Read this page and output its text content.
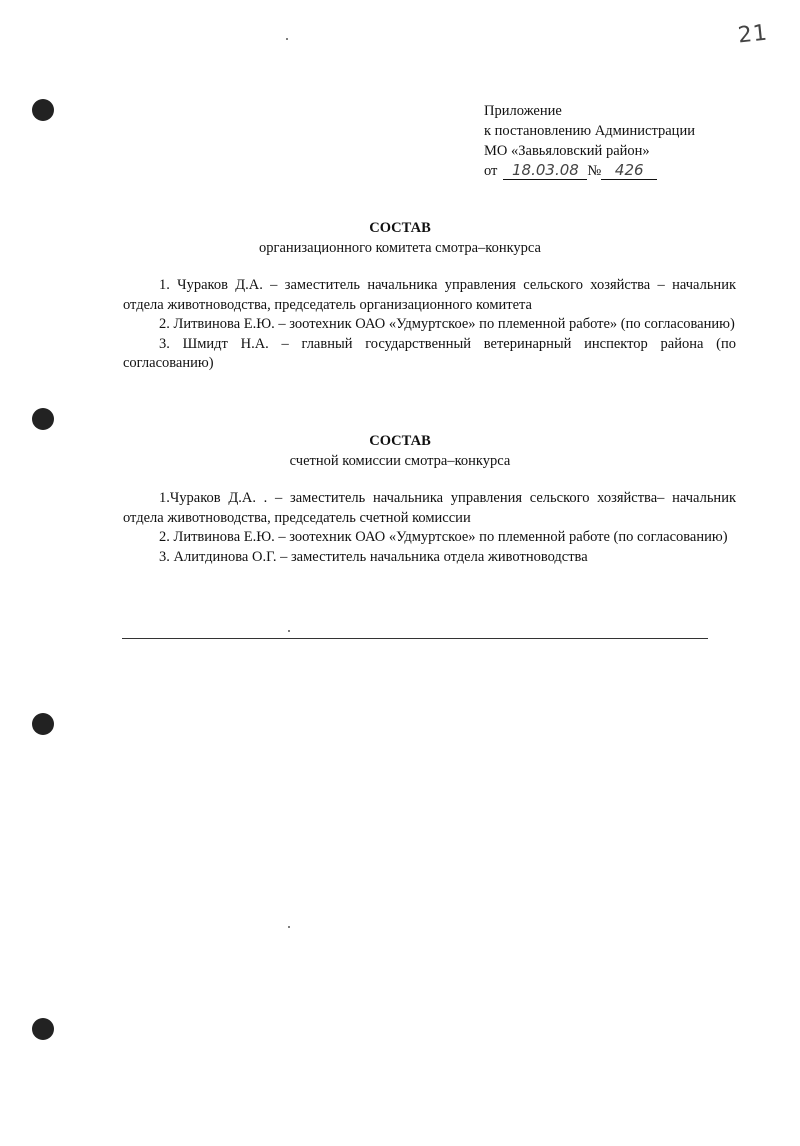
21
Приложение
к постановлению Администрации
МО «Завьяловский район»
от 18.03.08 № 426
СОСТАВ
организационного комитета смотра–конкурса

1. Чураков Д.А. – заместитель начальника управления сельского хозяйства – начальник отдела животноводства, председатель организационного комитета

2. Литвинова Е.Ю. – зоотехник ОАО «Удмуртское» по племенной работе» (по согласованию)

3. Шмидт Н.А. – главный государственный ветеринарный инспектор района (по согласованию)

СОСТАВ
счетной комиссии смотра–конкурса

1.Чураков Д.А. . – заместитель начальника управления сельского хозяйства– начальник отдела животноводства, председатель счетной комиссии

2. Литвинова Е.Ю. – зоотехник ОАО «Удмуртское» по племенной работе (по согласованию)

3. Алитдинова О.Г. – заместитель начальника отдела животноводства
